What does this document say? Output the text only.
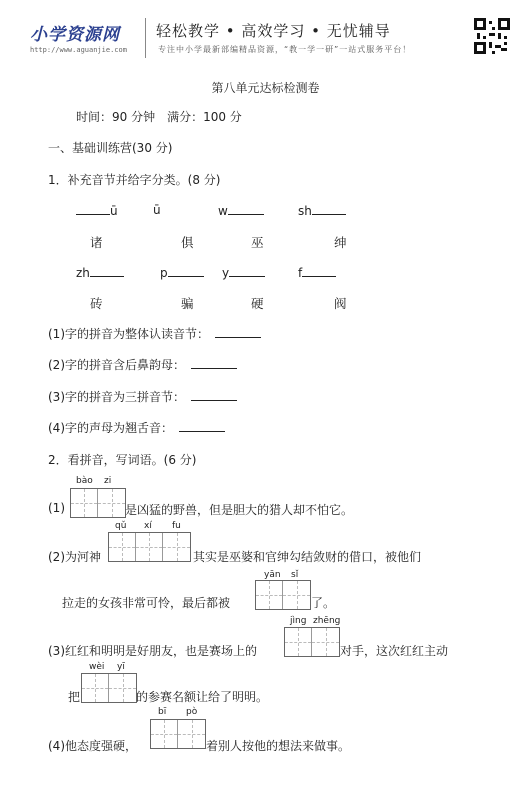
小学资源网
http://www.aguanjie.com
轻松教学 • 高效学习 • 无忧辅导
专注中小学最新部编精品资源，“教一学一研”一站式服务平台！
第八单元达标检测卷
时间：90 分钟　满分：100 分
一、基础训练营(30 分)
1．补充音节并给字分类。(8 分)
ū	ū	w	sh
诸	俱	巫	绅
zh	p	y	f
砖	骗	硬	阀
(1)字的拼音为整体认读音节：
(2)字的拼音含后鼻韵母：
(3)字的拼音为三拼音节：
(4)字的声母为翘舌音：
2．看拼音，写词语。(6 分)
bào zi
(1)	是凶猛的野兽，但是胆大的猎人却不怕它。
qǔ xí fu
(2)为河神	其实是巫婆和官绅勾结敛财的借口，被他们
yān sǐ
拉走的女孩非常可怜，最后都被	了。
jìng zhēng
(3)红红和明明是好朋友，也是赛场上的	对手，这次红红主动
wèi yī
把	的参赛名额让给了明明。
bī pò
(4)他态度强硬，	着别人按他的想法来做事。
